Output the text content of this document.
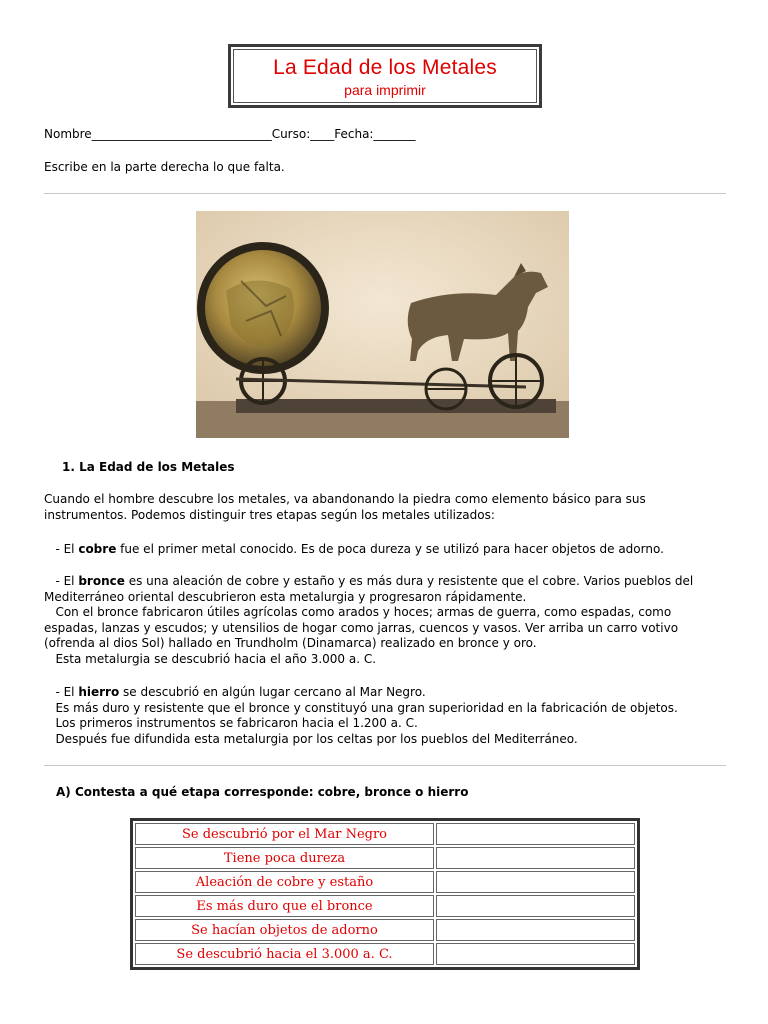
La Edad de los Metales
para imprimir
Nombre______________________________Curso:____Fecha:_______
Escribe en la parte derecha lo que falta.
1. La Edad de los Metales

Cuando el hombre descubre los metales, va abandonando la piedra como elemento básico para sus

instrumentos. Podemos distinguir tres etapas según los metales utilizados:

- El cobre fue el primer metal conocido. Es de poca dureza y se utilizó para hacer objetos de adorno.

- El bronce es una aleación de cobre y estaño y es más dura y resistente que el cobre. Varios pueblos del

Mediterráneo oriental descubrieron esta metalurgia y progresaron rápidamente.

Con el bronce fabricaron útiles agrícolas como arados y hoces; armas de guerra, como espadas, como

espadas, lanzas y escudos; y utensilios de hogar como jarras, cuencos y vasos. Ver arriba un carro votivo

(ofrenda al dios Sol) hallado en Trundholm (Dinamarca) realizado en bronce y oro.

Esta metalurgia se descubrió hacia el año 3.000 a. C.

- El hierro se descubrió en algún lugar cercano al Mar Negro.

Es más duro y resistente que el bronce y constituyó una gran superioridad en la fabricación de objetos.

Los primeros instrumentos se fabricaron hacia el 1.200 a. C.

Después fue difundida esta metalurgia por los celtas por los pueblos del Mediterráneo.

A) Contesta a qué etapa corresponde: cobre, bronce o hierro
Se descubrió por el Mar Negro	
Tiene poca dureza	
Aleación de cobre y estaño	
Es más duro que el bronce	
Se hacían objetos de adorno	
Se descubrió hacia el 3.000 a. C.	
